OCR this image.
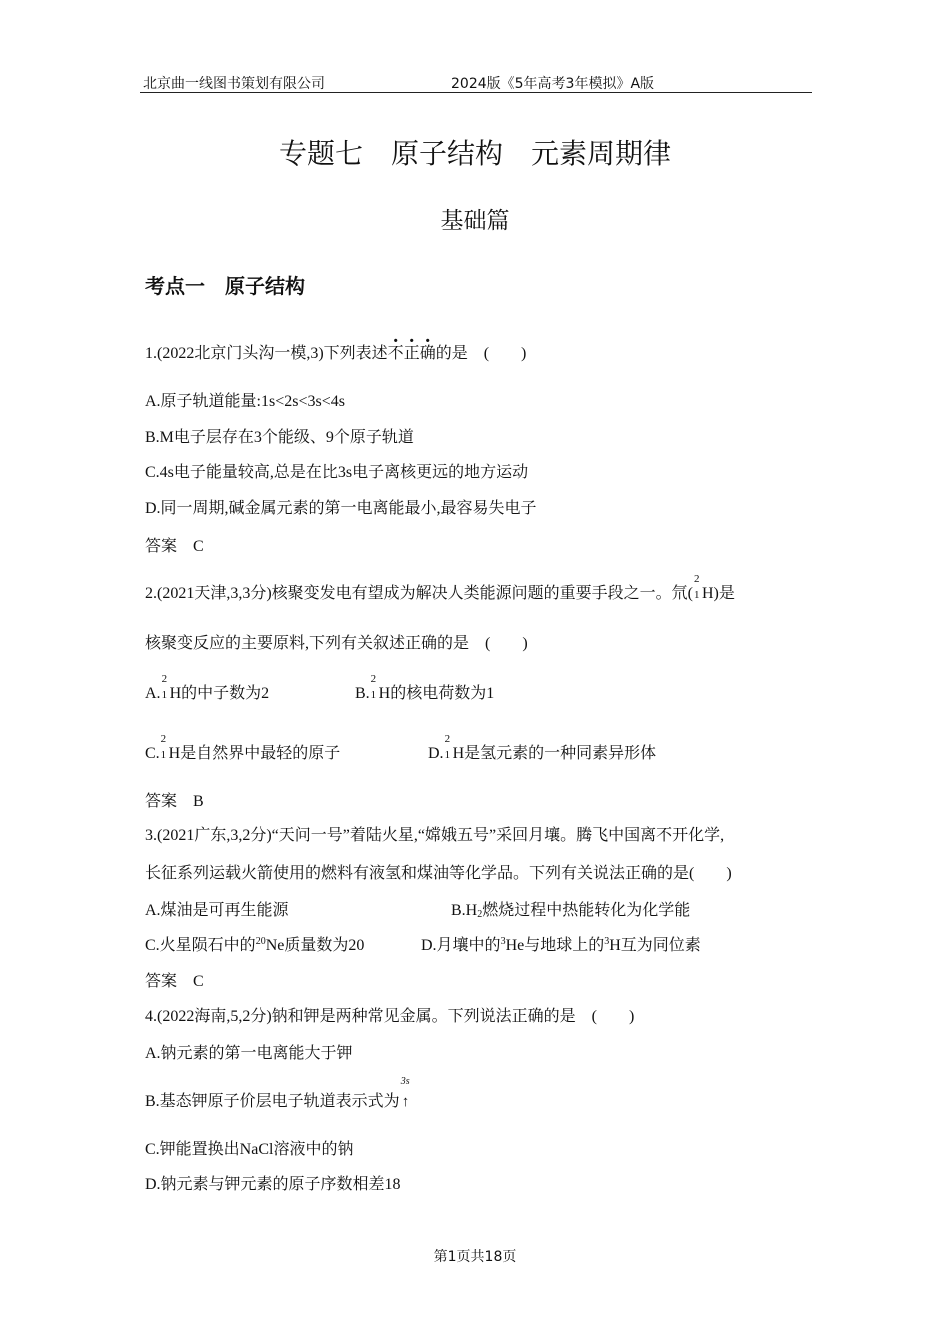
北京曲一线图书策划有限公司	2024版《5年高考3年模拟》A版
专题七　原子结构　元素周期律
基础篇
考点一　原子结构
1.(2022北京门头沟一模,3)下列表述不正确的是　(　　)
A.原子轨道能量:1s<2s<3s<4s
B.M电子层存在3个能级、9个原子轨道
C.4s电子能量较高,总是在比3s电子离核更远的地方运动
D.同一周期,碱金属元素的第一电离能最小,最容易失电子
答案　C
2.(2021天津,3,3分)核聚变发电有望成为解决人类能源问题的重要手段之一。氘(
2
1 H)是
核聚变反应的主要原料,下列有关叙述正确的是　(　　)
A.
2
1 H的中子数为2	B.
2
1 H的核电荷数为1
C.
2
1 H是自然界中最轻的原子	D.
2
1 H是氢元素的一种同素异形体
答案　B
3.(2021广东,3,2分)“天问一号”着陆火星,“嫦娥五号”采回月壤。腾飞中国离不开化学,
长征系列运载火箭使用的燃料有液氢和煤油等化学品。下列有关说法正确的是(　　)
A.煤油是可再生能源	$B.H_2$燃烧过程中热能转化为化学能
C.火星陨石中的$^{20}$Ne质量数为20	D.月壤中的$^3$He与地球上的$^3$H互为同位素
答案　C
4.(2022海南,5,2分)钠和钾是两种常见金属。下列说法正确的是　(　　)
A.钠元素的第一电离能大于钾
B.基态钾原子价层电子轨道表示式为
3s
↑
C.钾能置换出NaCl溶液中的钠
D.钠元素与钾元素的原子序数相差18
第1页共18页
